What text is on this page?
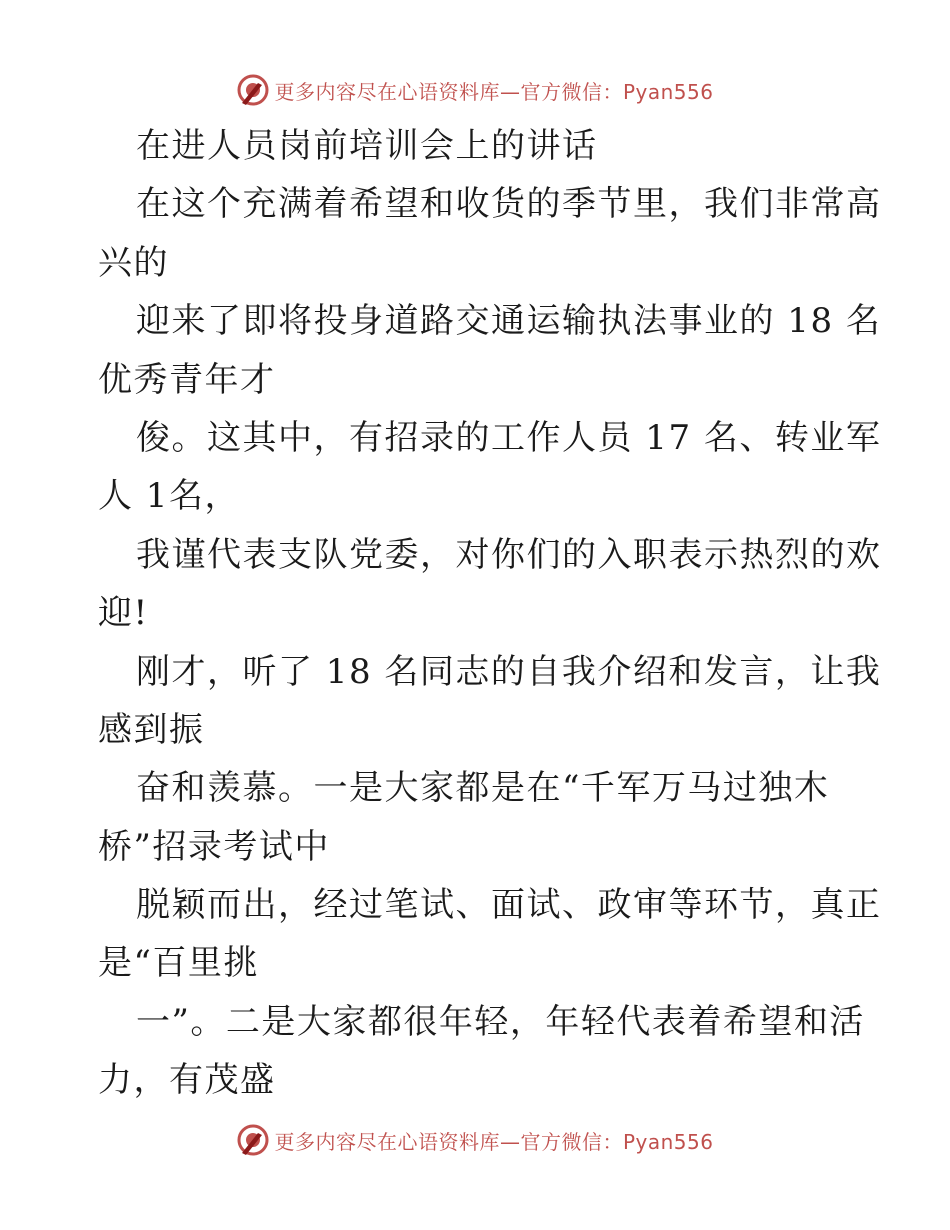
更多内容尽在心语资料库—官方微信：Pyan556
在进人员岗前培训会上的讲话
在这个充满着希望和收货的季节里，我们非常高
兴的
迎来了即将投身道路交通运输执法事业的 18 名
优秀青年才
俊。这其中，有招录的工作人员 17 名、转业军
人 1名，
我谨代表支队党委，对你们的入职表示热烈的欢
迎!
刚才，听了 18 名同志的自我介绍和发言，让我
感到振
奋和羡慕。一是大家都是在“千军万马过独木
桥”招录考试中
脱颖而出，经过笔试、面试、政审等环节，真正
是“百里挑
一”。二是大家都很年轻，年轻代表着希望和活
力，有茂盛
更多内容尽在心语资料库—官方微信：Pyan556
